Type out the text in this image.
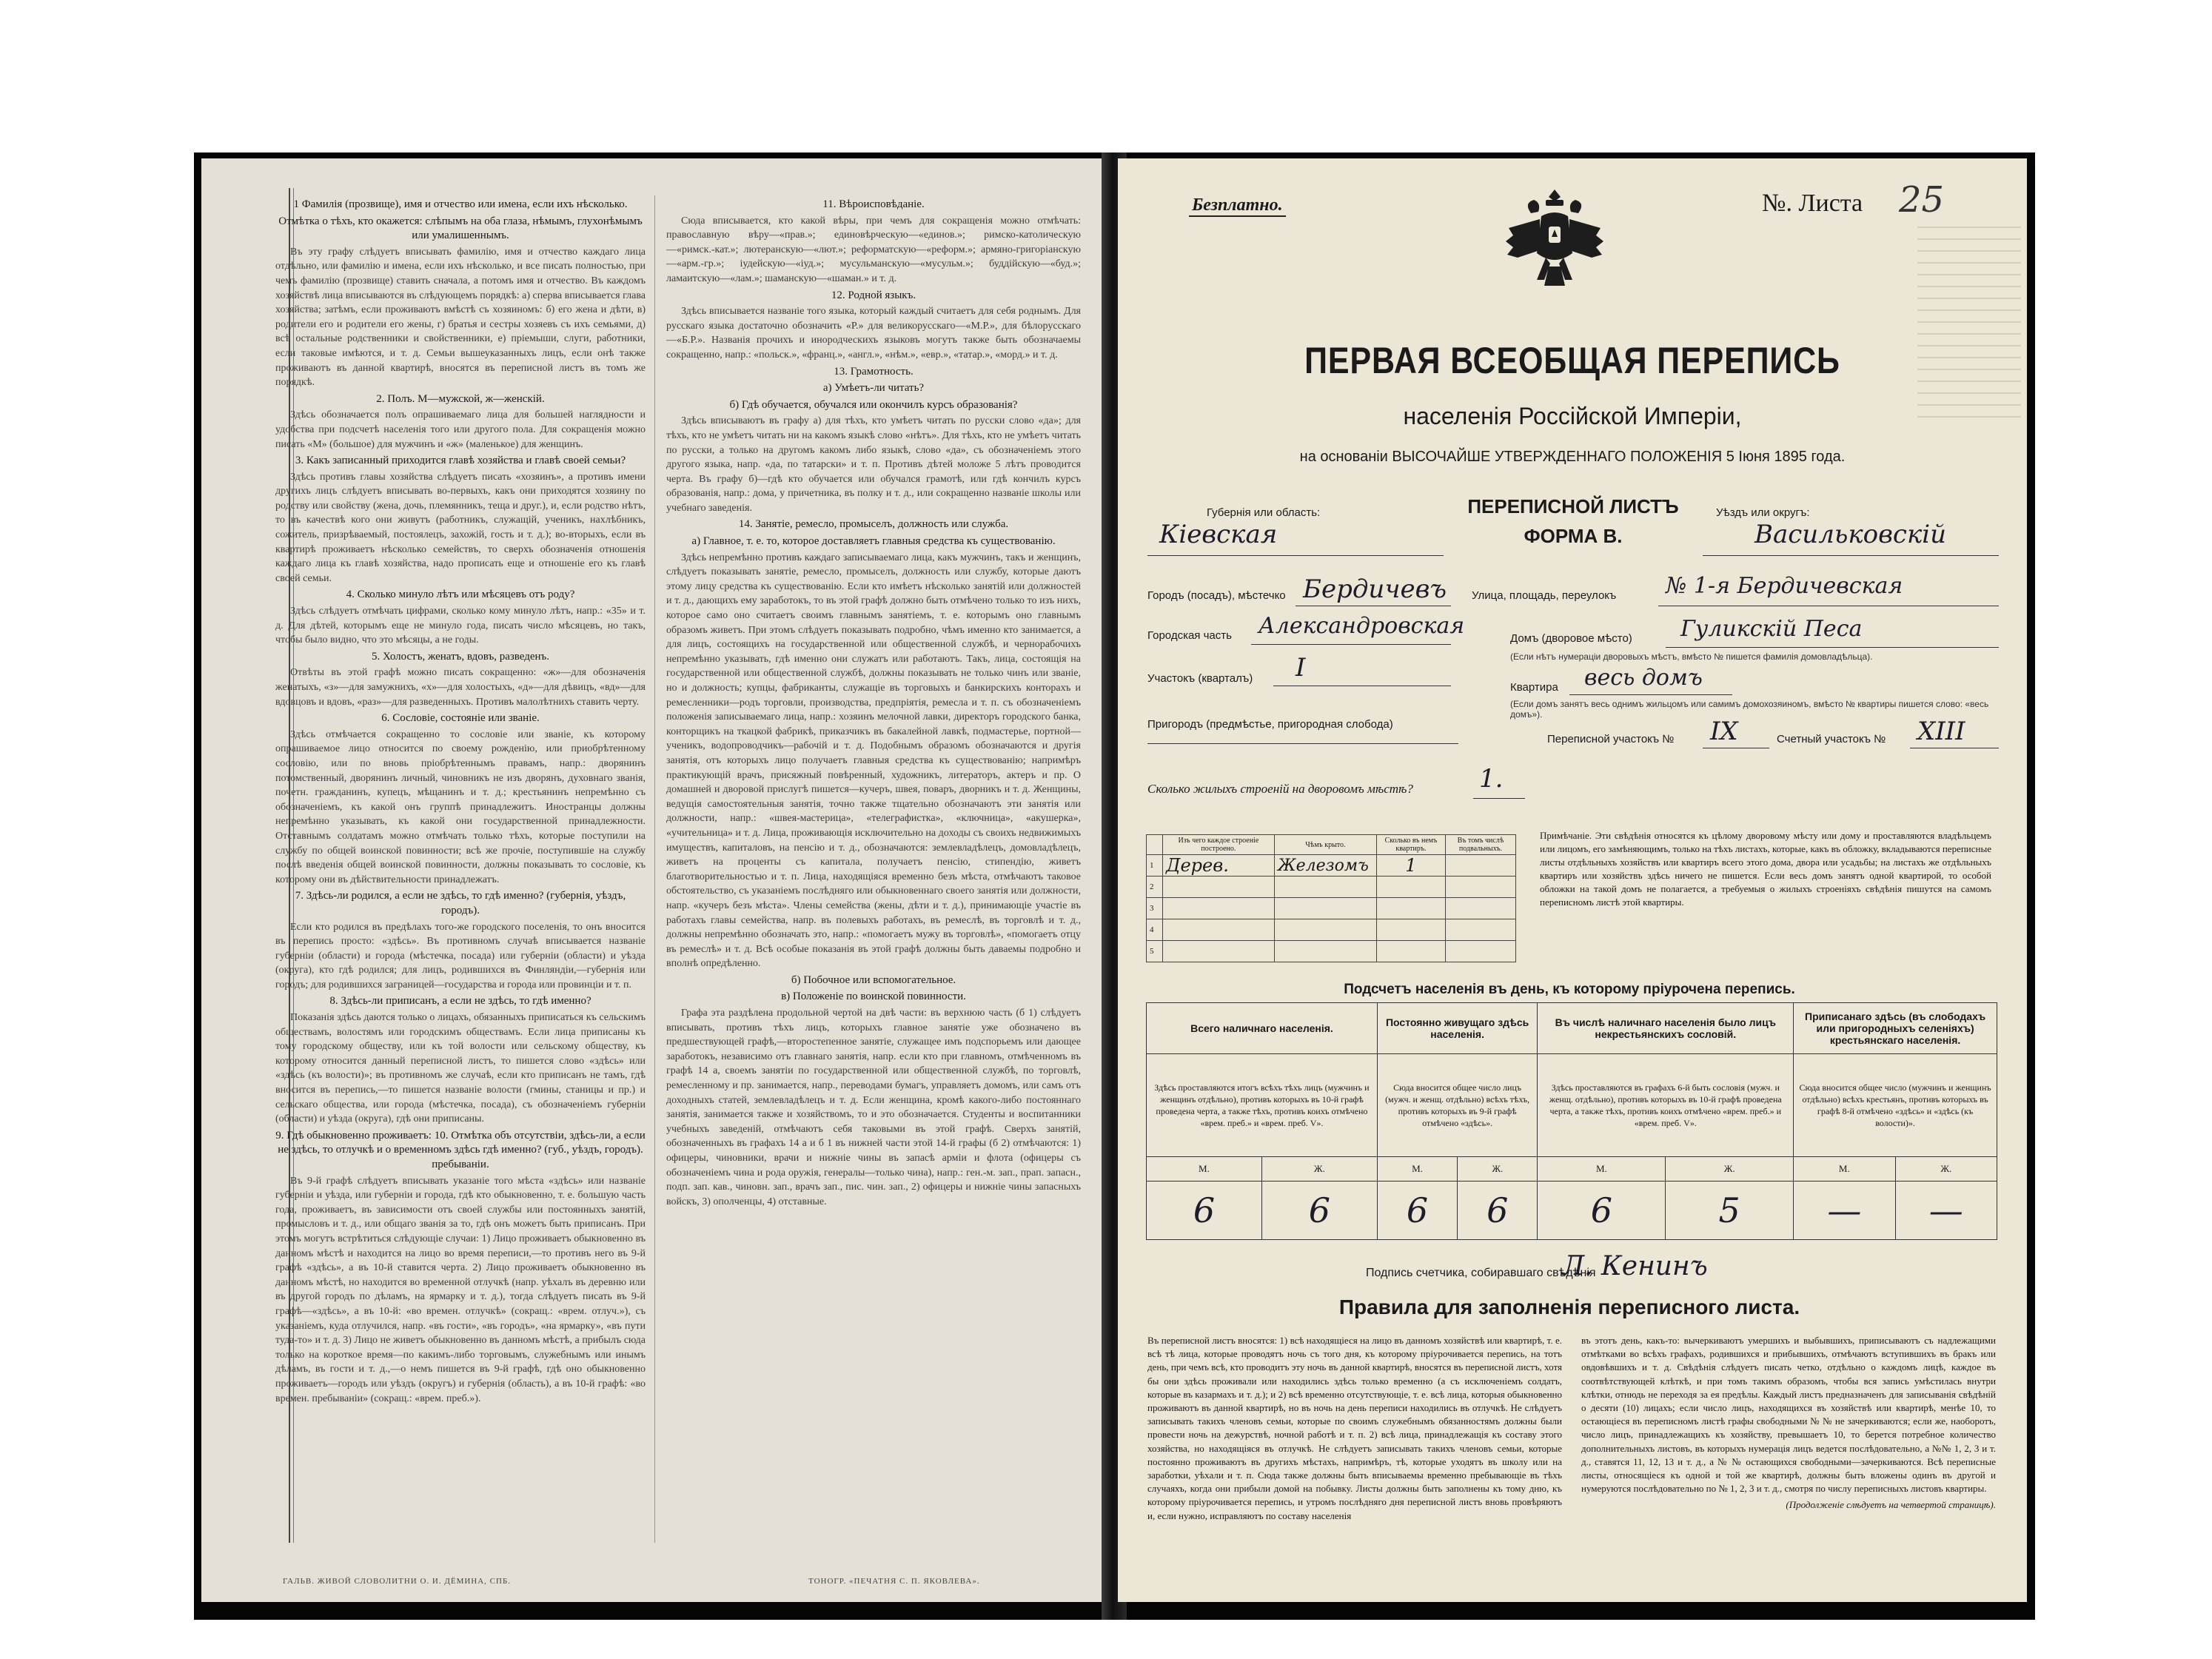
1 Фамилія (прозвище), имя и отчество или имена, если ихъ нѣсколько.
Отмѣтка о тѣхъ, кто окажется: слѣпымъ на оба глаза, нѣмымъ, глухонѣмымъ или умалишеннымъ.

Въ эту графу слѣдуетъ вписывать фамилію, имя и отчество каждаго лица отдѣльно, или фамилію и имена, если ихъ нѣсколько, и все писать полностью, при чемъ фамилію (прозвище) ставить сначала, а потомъ имя и отчество. Въ каждомъ хозяйствѣ лица вписываются въ слѣдующемъ порядкѣ: а) сперва вписывается глава хозяйства; затѣмъ, если проживаютъ вмѣстѣ съ хозяиномъ: б) его жена и дѣти, в) родители его и родители его жены, г) братья и сестры хозяевъ съ ихъ семьями, д) всѣ остальные родственники и свойственники, е) пріемыши, слуги, работники, если таковые имѣются, и т. д. Семьи вышеуказанныхъ лицъ, если онѣ также проживаютъ въ данной квартирѣ, вносятся въ переписной листъ въ томъ же порядкѣ.

2. Полъ. М—мужской, ж—женскій.

Здѣсь обозначается полъ опрашиваемаго лица для большей наглядности и удобства при подсчетѣ населенія того или другого пола. Для сокращенія можно писать «М» (большое) для мужчинъ и «ж» (маленькое) для женщинъ.

3. Какъ записанный приходится главѣ хозяйства и главѣ своей семьи?

Здѣсь противъ главы хозяйства слѣдуетъ писать «хозяинъ», а противъ имени другихъ лицъ слѣдуетъ вписывать во-первыхъ, какъ они приходятся хозяину по родству или свойству (жена, дочь, племянникъ, теща и друг.), и, если родство нѣтъ, то въ качествѣ кого они живутъ (работникъ, служащій, ученикъ, нахлѣбникъ, сожитель, призрѣваемый, постоялецъ, захожій, гость и т. д.); во-вторыхъ, если въ квартирѣ проживаетъ нѣсколько семействъ, то сверхъ обозначенія отношенія каждаго лица къ главѣ хозяйства, надо прописать еще и отношеніе его къ главѣ своей семьи.

4. Сколько минуло лѣтъ или мѣсяцевъ отъ роду?

Здѣсь слѣдуетъ отмѣчать цифрами, сколько кому минуло лѣтъ, напр.: «35» и т. д. Для дѣтей, которымъ еще не минуло года, писать число мѣсяцевъ, но такъ, чтобы было видно, что это мѣсяцы, а не годы.

5. Холостъ, женатъ, вдовъ, разведенъ.

Отвѣты въ этой графѣ можно писать сокращенно: «ж»—для обозначенія женатыхъ, «з»—для замужнихъ, «х»—для холостыхъ, «д»—для дѣвицъ, «вд»—для вдовцовъ и вдовъ, «раз»—для разведенныхъ. Противъ малолѣтнихъ ставить черту.

6. Сословіе, состояніе или званіе.

Здѣсь отмѣчается сокращенно то сословіе или званіе, къ которому опрашиваемое лицо относится по своему рожденію, или приобрѣтенному сословію, или по вновь пріобрѣтеннымъ правамъ, напр.: дворянинъ потомственный, дворянинъ личный, чиновникъ не изъ дворянъ, духовнаго званія, почетн. гражданинъ, купецъ, мѣщанинъ и т. д.; крестьянинъ непремѣнно съ обозначеніемъ, къ какой онъ группѣ принадлежитъ. Иностранцы должны непремѣнно указывать, къ какой они государственной принадлежности. Отставнымъ солдатамъ можно отмѣчать только тѣхъ, которые поступили на службу по общей воинской повинности; всѣ же прочіе, поступившіе на службу послѣ введенія общей воинской повинности, должны показывать то сословіе, къ которому они въ дѣйствительности принадлежатъ.

7. Здѣсь-ли родился, а если не здѣсь, то гдѣ именно? (губернія, уѣздъ, городъ).

Если кто родился въ предѣлахъ того-же городского поселенія, то онъ вносится въ перепись просто: «здѣсь». Въ противномъ случаѣ вписывается названіе губерніи (области) и города (мѣстечка, посада) или губерніи (области) и уѣзда (округа), кто гдѣ родился; для лицъ, родившихся въ Финляндіи,—губернія или городъ; для родившихся заграницей—государства и города или провинціи и т. п.

8. Здѣсь-ли приписанъ, а если не здѣсь, то гдѣ именно?

Показанія здѣсь даются только о лицахъ, обязанныхъ приписаться къ сельскимъ обществамъ, волостямъ или городскимъ обществамъ. Если лица приписаны къ тому городскому обществу, или къ той волости или сельскому обществу, къ которому относится данный переписной листъ, то пишется слово «здѣсь» или «здѣсь (къ волости)»; въ противномъ же случаѣ, если кто приписанъ не тамъ, гдѣ вносится въ перепись,—то пишется названіе волости (гмины, станицы и пр.) и сельскаго общества, или города (мѣстечка, посада), съ обозначеніемъ губерніи (области) и уѣзда (округа), гдѣ они приписаны.

9. Гдѣ обыкновенно проживаетъ: 10. Отмѣтка объ отсутствіи, здѣсь-ли, а если не здѣсь, то отлучкѣ и о временномъ здѣсь гдѣ именно? (губ., уѣздъ, городъ). пребываніи.

Въ 9-й графѣ слѣдуетъ вписывать указаніе того мѣста «здѣсь» или названіе губерніи и уѣзда, или губерніи и города, гдѣ кто обыкновенно, т. е. большую часть года, проживаетъ, въ зависимости отъ своей службы или постоянныхъ занятій, промысловъ и т. д., или общаго званія за то, гдѣ онъ можетъ быть приписанъ. При этомъ могутъ встрѣтиться слѣдующіе случаи: 1) Лицо проживаетъ обыкновенно въ данномъ мѣстѣ и находится на лицо во время переписи,—то противъ него въ 9-й графѣ «здѣсь», а въ 10-й ставится черта. 2) Лицо проживаетъ обыкновенно въ данномъ мѣстѣ, но находится во временной отлучкѣ (напр. уѣхалъ въ деревню или въ другой городъ по дѣламъ, на ярмарку и т. д.), тогда слѣдуетъ писать въ 9-й графѣ—«здѣсь», а въ 10-й: «во времен. отлучкѣ» (сокращ.: «врем. отлуч.»), съ указаніемъ, куда отлучился, напр. «въ гости», «въ городъ», «на ярмарку», «въ пути туда-то» и т. д. 3) Лицо не живетъ обыкновенно въ данномъ мѣстѣ, а прибылъ сюда только на короткое время—по какимъ-либо торговымъ, служебнымъ или инымъ дѣламъ, въ гости и т. д.,—о немъ пишется въ 9-й графѣ, гдѣ оно обыкновенно проживаетъ—городъ или уѣздъ (округъ) и губернія (область), а въ 10-й графѣ: «во времен. пребываніи» (сокращ.: «врем. преб.»).

11. Вѣроисповѣданіе.

Сюда вписывается, кто какой вѣры, при чемъ для сокращенія можно отмѣчать: православную вѣру—«прав.»; единовѣрческую—«единов.»; римско-католическую—«римск.-кат.»; лютеранскую—«лют.»; реформатскую—«реформ.»; армяно-григоріанскую—«арм.-гр.»; іудейскую—«іуд.»; мусульманскую—«мусульм.»; буддійскую—«буд.»; ламаитскую—«лам.»; шаманскую—«шаман.» и т. д.

12. Родной языкъ.

Здѣсь вписывается названіе того языка, который каждый считаетъ для себя роднымъ. Для русскаго языка достаточно обозначить «Р.» для великорусскаго—«М.Р.», для бѣлорусскаго—«Б.Р.». Названія прочихъ и инородческихъ языковъ могутъ также быть обозначаемы сокращенно, напр.: «польск.», «франц.», «англ.», «нѣм.», «евр.», «татар.», «морд.» и т. д.

13. Грамотность.
а) Умѣетъ-ли читать?
б) Гдѣ обучается, обучался или окончилъ курсъ образованія?

Здѣсь вписываютъ въ графу а) для тѣхъ, кто умѣетъ читать по русски слово «да»; для тѣхъ, кто не умѣетъ читать ни на какомъ языкѣ слово «нѣтъ». Для тѣхъ, кто не умѣетъ читать по русски, а только на другомъ какомъ либо языкѣ, слово «да», съ обозначеніемъ этого другого языка, напр. «да, по татарски» и т. п. Противъ дѣтей моложе 5 лѣтъ проводится черта. Въ графу б)—гдѣ кто обучается или обучался грамотѣ, или гдѣ кончилъ курсъ образованія, напр.: дома, у причетника, въ полку и т. д., или сокращенно названіе школы или учебнаго заведенія.

14. Занятіе, ремесло, промыселъ, должность или служба.
а) Главное, т. е. то, которое доставляетъ главныя средства къ существованію.

Здѣсь непремѣнно противъ каждаго записываемаго лица, какъ мужчинъ, такъ и женщинъ, слѣдуетъ показывать занятіе, ремесло, промыселъ, должность или службу, которые даютъ этому лицу средства къ существованію. Если кто имѣетъ нѣсколько занятій или должностей и т. д., дающихъ ему заработокъ, то въ этой графѣ должно быть отмѣчено только то изъ нихъ, которое само оно считаетъ своимъ главнымъ занятіемъ, т. е. которымъ оно главнымъ образомъ живетъ. При этомъ слѣдуетъ показывать подробно, чѣмъ именно кто занимается, а для лицъ, состоящихъ на государственной или общественной службѣ, и чернорабочихъ непремѣнно указывать, гдѣ именно они служатъ или работаютъ. Такъ, лица, состоящія на государственной или общественной службѣ, должны показывать не только чинъ или званіе, но и должность; купцы, фабриканты, служащіе въ торговыхъ и банкирскихъ конторахъ и ремесленники—родъ торговли, производства, предпріятія, ремесла и т. п. съ обозначеніемъ положенія записываемаго лица, напр.: хозяинъ мелочной лавки, директоръ городского банка, конторщикъ на ткацкой фабрикѣ, приказчикъ въ бакалейной лавкѣ, подмастерье, портной—ученикъ, водопроводчикъ—рабочій и т. д. Подобнымъ образомъ обозначаются и другія занятія, отъ которыхъ лицо получаетъ главныя средства къ существованію; напримѣръ практикующій врачъ, присяжный повѣренный, художникъ, литераторъ, актеръ и пр. О домашней и дворовой прислугѣ пишется—кучеръ, швея, поваръ, дворникъ и т. д. Женщины, ведущія самостоятельныя занятія, точно также тщательно обозначаютъ эти занятія или должности, напр.: «швея-мастерица», «телеграфистка», «ключница», «акушерка», «учительница» и т. д. Лица, проживающія исключительно на доходы съ своихъ недвижимыхъ имуществъ, капиталовъ, на пенсію и т. д., обозначаются: землевладѣлецъ, домовладѣлецъ, живетъ на проценты съ капитала, получаетъ пенсію, стипендію, живетъ благотворительностью и т. п. Лица, находящіяся временно безъ мѣста, отмѣчаютъ таковое обстоятельство, съ указаніемъ послѣдняго или обыкновеннаго своего занятія или должности, напр. «кучеръ безъ мѣста». Члены семейства (жены, дѣти и т. д.), принимающіе участіе въ работахъ главы семейства, напр. въ полевыхъ работахъ, въ ремеслѣ, въ торговлѣ и т. д., должны непремѣнно обозначать это, напр.: «помогаетъ мужу въ торговлѣ», «помогаетъ отцу въ ремеслѣ» и т. д. Всѣ особые показанія въ этой графѣ должны быть даваемы подробно и вполнѣ опредѣленно.

б) Побочное или вспомогательное.
в) Положеніе по воинской повинности.

Графа эта раздѣлена продольной чертой на двѣ части: въ верхнюю часть (б 1) слѣдуетъ вписывать, противъ тѣхъ лицъ, которыхъ главное занятіе уже обозначено въ предшествующей графѣ,—второстепенное занятіе, служащее имъ подспорьемъ или дающее заработокъ, независимо отъ главнаго занятія, напр. если кто при главномъ, отмѣченномъ въ графѣ 14 а, своемъ занятіи по государственной или общественной службѣ, по торговлѣ, ремесленному и пр. занимается, напр., переводами бумагъ, управляетъ домомъ, или самъ отъ доходныхъ статей, землевладѣлецъ и т. д. Если женщина, кромѣ какого-либо постояннаго занятія, занимается также и хозяйствомъ, то и это обозначается. Студенты и воспитанники учебныхъ заведеній, отмѣчаютъ себя таковыми въ этой графѣ. Сверхъ занятій, обозначенныхъ въ графахъ 14 а и б 1 въ нижней части этой 14-й графы (б 2) отмѣчаются: 1) офицеры, чиновники, врачи и нижніе чины въ запасѣ арміи и флота (офицеры съ обозначеніемъ чина и рода оружія, генералы—только чина), напр.: ген.-м. зап., прап. запасн., подп. зап. кав., чиновн. зап., врачъ зап., пис. чин. зап., 2) офицеры и нижніе чины запасныхъ войскъ, 3) ополченцы, 4) отставные.

ГАЛЬВ. ЖИВОЙ СЛОВОЛИТНИ О. И. ДЁМИНА, СПБ.	ТОНОГР. «ПЕЧАТНЯ С. П. ЯКОВЛЕВА».
Безплатно.	№. Листа 25
ПЕРВАЯ ВСЕОБЩАЯ ПЕРЕПИСЬ
населенія Россійской Имперіи,
на основаніи ВЫСОЧАЙШЕ УТВЕРЖДЕННАГО ПОЛОЖЕНІЯ 5 Іюня 1895 года.
ПЕРЕПИСНОЙ ЛИСТЪ
ФОРМА В.
Губернія или область:
Кіевская
Уѣздъ или округъ:
Васильковскій
Городъ (посадъ), мѣстечко Бердичевъ Улица, площадь, переулокъ № 1-я Бердичевская
Городская часть Александровская	Домъ (дворовое мѣсто) Гуликскій Песа
(Если нѣтъ нумераціи дворовыхъ мѣстъ, вмѣсто № пишется фамилія домовладѣльца).
Участокъ (кварталъ) I
Квартира весь домъ
(Если домъ занятъ весь однимъ жильцомъ или самимъ домохозяиномъ, вмѣсто № квартиры пишется слово: «весь домъ»).
Пригородъ (предмѣстье, пригородная слобода)
Переписной участокъ № IX	Счетный участокъ № XIII
Сколько жилыхъ строеній на дворовомъ мѣстѣ?	1.
	Изъ чего каждое строеніе построено.	Чѣмъ крыто.	Сколько въ немъ квартиръ.	Въ томъ числѣ подвальныхъ.
1	Дерев.	Железомъ	1	
2				
3				
4				
5				
Примѣчаніе. Эти свѣдѣнія относятся къ цѣлому дворовому мѣсту или дому и проставляются владѣльцемъ или лицомъ, его замѣняющимъ, только на тѣхъ листахъ, которые, какъ въ обложку, вкладываются переписные листы отдѣльныхъ хозяйствъ или квартиръ всего этого дома, двора или усадьбы; на листахъ же отдѣльныхъ квартиръ или хозяйствъ здѣсь ничего не пишется. Если весь домъ занятъ одной квартирой, то особой обложки на такой домъ не полагается, а требуемыя о жилыхъ строеніяхъ свѣдѣнія пишутся на самомъ переписномъ листѣ этой квартиры.
Подсчетъ населенія въ день, къ которому пріурочена перепись.
Всего наличнаго населенія.		Постоянно живущаго здѣсь населенія.		Въ числѣ наличнаго населенія было лицъ некрестьянскихъ сословій.		Приписанаго здѣсь (въ слободахъ или пригородныхъ селеніяхъ) крестьянскаго населенія.	
Здѣсь проставляются итогъ всѣхъ тѣхъ лицъ (мужчинъ и женщинъ отдѣльно), противъ которыхъ въ 10-й графѣ проведена черта, а также тѣхъ, противъ коихъ отмѣчено «врем. преб.» и «врем. преб. V».		Сюда вносится общее число лицъ (мужч. и женщ. отдѣльно) всѣхъ тѣхъ, противъ которыхъ въ 9-й графѣ отмѣчено «здѣсь».		Здѣсь проставляются въ графахъ 6-й быть сословія (мужч. и женщ. отдѣльно), противъ которыхъ въ 10-й графѣ проведена черта, а также тѣхъ, противъ коихъ отмѣчено «врем. преб.» и «врем. преб. V».		Сюда вносится общее число (мужчинъ и женщинъ отдѣльно) всѣхъ крестьянъ, противъ которыхъ въ графѣ 8-й отмѣчено «здѣсь» и «здѣсь (къ волости)».	
М.	Ж.	М.	Ж.	М.	Ж.	М.	Ж.
6	6	6	6	6	5	—	—
Подпись счетчика, собиравшаго свѣдѣнія
Л. Кенинъ
Правила для заполненія переписного листа.
Въ переписной листъ вносятся: 1) всѣ находящіеся на лицо въ данномъ хозяйствѣ или квартирѣ, т. е. всѣ тѣ лица, которые проводятъ ночь съ того дня, къ которому пріурочивается перепись, на тотъ день, при чемъ всѣ, кто проводитъ эту ночь въ данной квартирѣ, вносятся въ переписной листъ, хотя бы они здѣсь проживали или находились здѣсь только временно (а съ исключеніемъ солдатъ, которые въ казармахъ и т. д.); и 2) всѣ временно отсутствующіе, т. е. всѣ лица, которыя обыкновенно проживаютъ въ данной квартирѣ, но въ ночь на день переписи находились въ отлучкѣ. Не слѣдуетъ записывать такихъ членовъ семьи, которые по своимъ служебнымъ обязанностямъ должны были провести ночь на дежурствѣ, ночной работѣ и т. п. 2) всѣ лица, принадлежащія къ составу этого хозяйства, но находящіяся въ отлучкѣ. Не слѣдуетъ записывать такихъ членовъ семьи, которые постоянно проживаютъ въ другихъ мѣстахъ, напримѣръ, тѣ, которые уходятъ въ школу или на заработки, уѣхали и т. п. Сюда также должны быть вписываемы временно пребывающіе въ тѣхъ случаяхъ, когда они прибыли домой на побывку. Листы должны быть заполнены къ тому дню, къ которому пріурочивается перепись, и утромъ послѣдняго дня переписной листъ вновь провѣряютъ и, если нужно, исправляютъ по составу населенія
въ этотъ день, какъ-то: вычеркиваютъ умершихъ и выбывшихъ, приписываютъ съ надлежащими отмѣтками во всѣхъ графахъ, родившихся и прибывшихъ, отмѣчаютъ вступившихъ въ бракъ или овдовѣвшихъ и т. д. Свѣдѣнія слѣдуетъ писать четко, отдѣльно о каждомъ лицѣ, каждое въ соотвѣтствующей клѣткѣ, и при томъ такимъ образомъ, чтобы вся запись умѣстилась внутри клѣтки, отнюдь не переходя за ея предѣлы. Каждый листъ предназначенъ для записыванія свѣдѣній о десяти (10) лицахъ; если число лицъ, находящихся въ хозяйствѣ или квартирѣ, менѣе 10, то остающіеся въ переписномъ листѣ графы свободными № № не зачеркиваются; если же, наоборотъ, число лицъ, принадлежащихъ къ хозяйству, превышаетъ 10, то берется потребное количество дополнительныхъ листовъ, въ которыхъ нумерація лицъ ведется послѣдовательно, а №№ 1, 2, 3 и т. д., ставятся 11, 12, 13 и т. д., а № № остающихся свободными—зачеркиваются. Всѣ переписные листы, относящіеся къ одной и той же квартирѣ, должны быть вложены одинъ въ другой и нумеруются послѣдовательно по № 1, 2, 3 и т. д., смотря по числу переписныхъ листовъ квартиры.
(Продолженіе слѣдуетъ на четвертой страницѣ).
